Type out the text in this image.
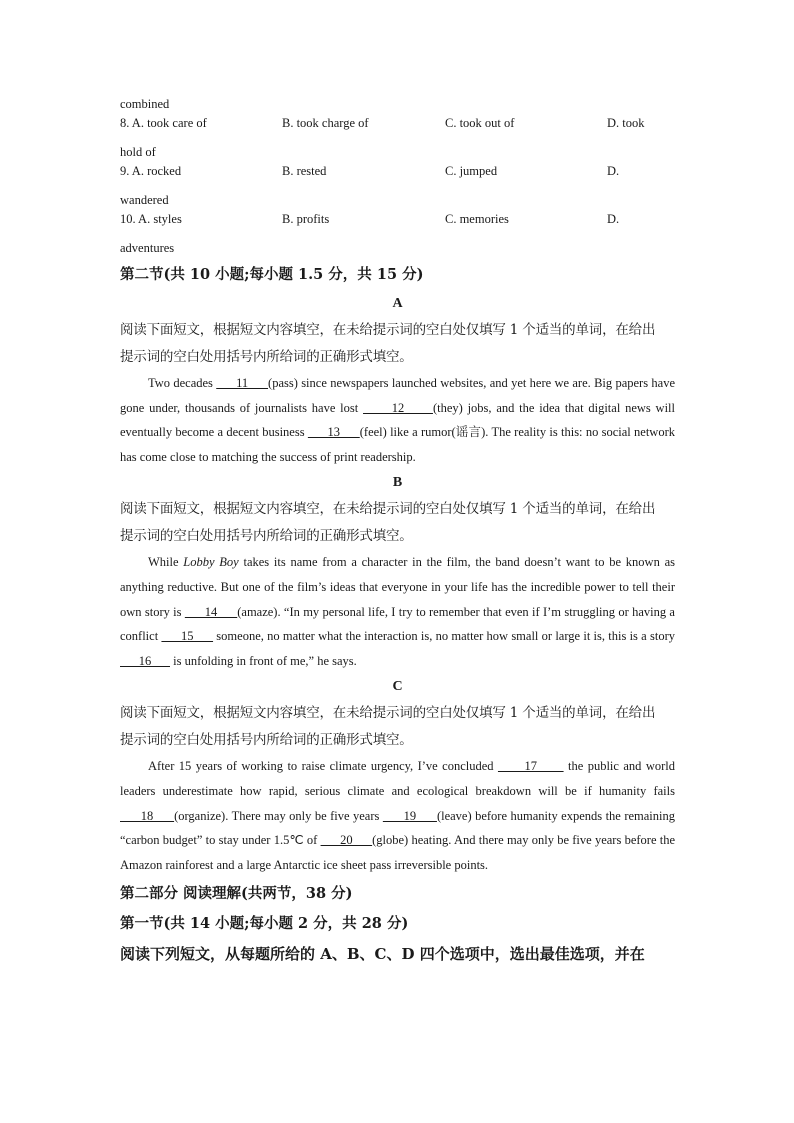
combined
8. A. took care of	B. took charge of	C. took out of	D. took
hold of
9. A. rocked	B. rested	C. jumped	D.
wandered
10. A. styles	B. profits	C. memories	D.
adventures
第二节(共 10 小题;每小题 1.5 分，共 15 分)
A
阅读下面短文，根据短文内容填空，在未给提示词的空白处仅填写 1 个适当的单词，在给出
提示词的空白处用括号内所给词的正确形式填空。
Two decades       11      (pass) since newspapers launched websites, and yet here we are. Big papers have gone under, thousands of journalists have lost       12      (they) jobs, and the idea that digital news will eventually become a decent business       13      (feel) like a rumor(谣言). The reality is this: no social network has come close to matching the success of print readership.
B
阅读下面短文，根据短文内容填空，在未给提示词的空白处仅填写 1 个适当的单词，在给出
提示词的空白处用括号内所给词的正确形式填空。
While Lobby Boy takes its name from a character in the film, the band doesn’t want to be known as anything reductive. But one of the film’s ideas that everyone in your life has the incredible power to tell their own story is       14      (amaze). “In my personal life, I try to remember that even if I’m struggling or having a conflict       15       someone, no matter what the interaction is, no matter how small or large it is, this is a story       16       is unfolding in front of me,” he says.
C
阅读下面短文，根据短文内容填空，在未给提示词的空白处仅填写 1 个适当的单词，在给出
提示词的空白处用括号内所给词的正确形式填空。
After 15 years of working to raise climate urgency, I’ve concluded       17       the public and world leaders underestimate how rapid, serious climate and ecological breakdown will be if humanity fails       18      (organize). There may only be five years       19      (leave) before humanity expends the remaining “carbon budget” to stay under 1.5℃ of       20      (globe) heating. And there may only be five years before the Amazon rainforest and a large Antarctic ice sheet pass irreversible points.
第二部分 阅读理解(共两节，38 分)
第一节(共 14 小题;每小题 2 分，共 28 分)
阅读下列短文，从每题所给的 A、B、C、D 四个选项中，选出最佳选项，并在
